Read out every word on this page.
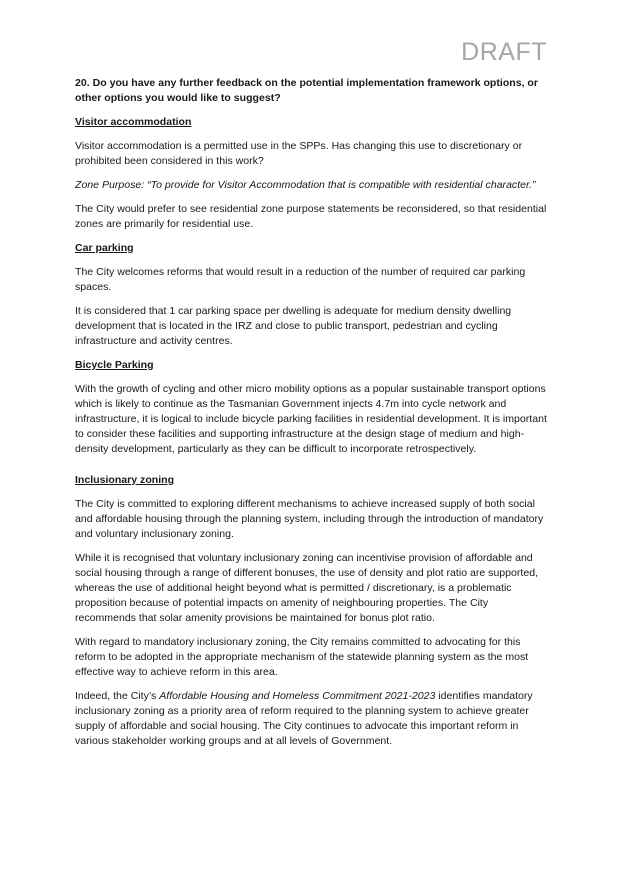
DRAFT

20. Do you have any further feedback on the potential implementation framework options, or other options you would like to suggest?

Visitor accommodation

Visitor accommodation is a permitted use in the SPPs. Has changing this use to discretionary or prohibited been considered in this work?

Zone Purpose: “To provide for Visitor Accommodation that is compatible with residential character.”

The City would prefer to see residential zone purpose statements be reconsidered, so that residential zones are primarily for residential use.

Car parking

The City welcomes reforms that would result in a reduction of the number of required car parking spaces.

It is considered that 1 car parking space per dwelling is adequate for medium density dwelling development that is located in the IRZ and close to public transport, pedestrian and cycling infrastructure and activity centres.

Bicycle Parking

With the growth of cycling and other micro mobility options as a popular sustainable transport options which is likely to continue as the Tasmanian Government injects 4.7m into cycle network and infrastructure, it is logical to include bicycle parking facilities in residential development. It is important to consider these facilities and supporting infrastructure at the design stage of medium and high-density development, particularly as they can be difficult to incorporate retrospectively.

Inclusionary zoning

The City is committed to exploring different mechanisms to achieve increased supply of both social and affordable housing through the planning system, including through the introduction of mandatory and voluntary inclusionary zoning.

While it is recognised that voluntary inclusionary zoning can incentivise provision of affordable and social housing through a range of different bonuses, the use of density and plot ratio are supported, whereas the use of additional height beyond what is permitted / discretionary, is a problematic proposition because of potential impacts on amenity of neighbouring properties. The City recommends that solar amenity provisions be maintained for bonus plot ratio.

With regard to mandatory inclusionary zoning, the City remains committed to advocating for this reform to be adopted in the appropriate mechanism of the statewide planning system as the most effective way to achieve reform in this area.

Indeed, the City’s Affordable Housing and Homeless Commitment 2021-2023 identifies mandatory inclusionary zoning as a priority area of reform required to the planning system to achieve greater supply of affordable and social housing. The City continues to advocate this important reform in various stakeholder working groups and at all levels of Government.
